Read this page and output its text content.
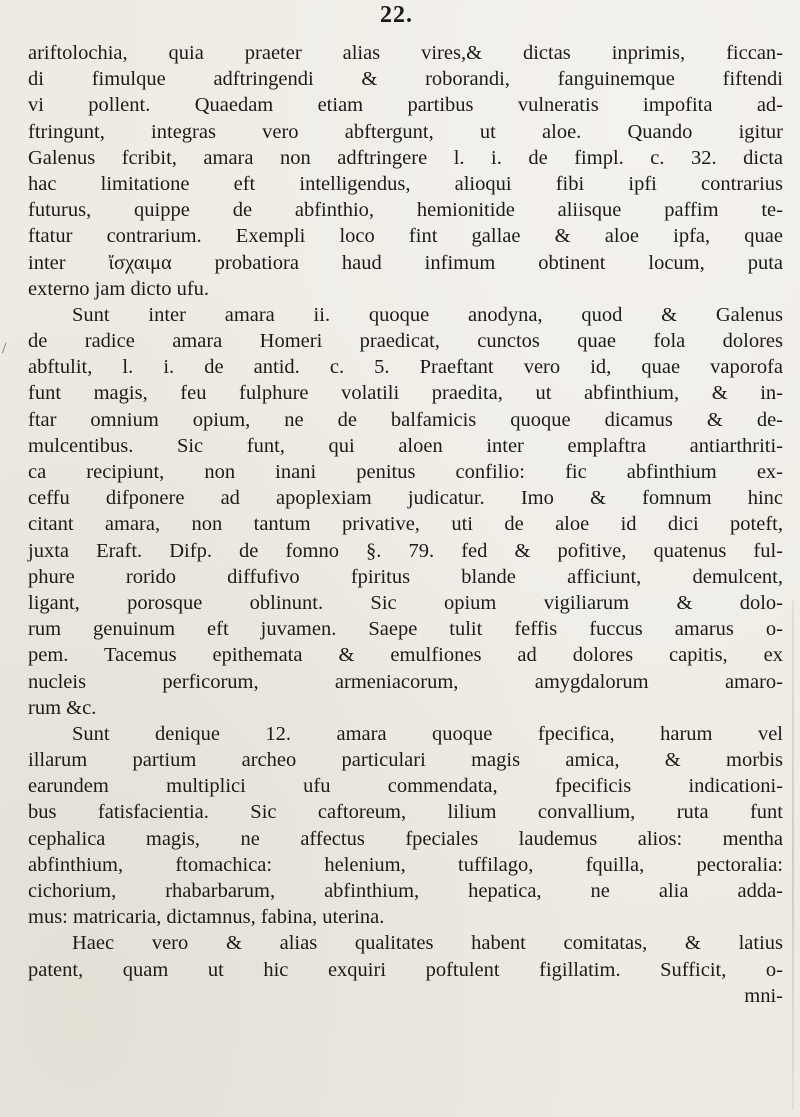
22.
/
ariftolochia, quia praeter alias vires,& dictas inprimis, ficcan-
di fimulque adftringendi & roborandi, fanguinemque fiftendi
vi pollent. Quaedam etiam partibus vulneratis impofita ad-
ftringunt, integras vero abftergunt, ut aloe. Quando igitur
Galenus fcribit, amara non adftringere l. i. de fimpl. c. 32. dicta
hac limitatione eft intelligendus, alioqui fibi ipfi contrarius
futurus, quippe de abfinthio, hemionitide aliisque paffim te-
ftatur contrarium. Exempli loco fint gallae & aloe ipfa, quae
inter ἴσχαιμα probatiora haud infimum obtinent locum, puta
externo jam dicto ufu.
Sunt inter amara ii. quoque anodyna, quod & Galenus
de radice amara Homeri praedicat, cunctos quae fola dolores
abftulit, l. i. de antid. c. 5. Praeftant vero id, quae vaporofa
funt magis, feu fulphure volatili praedita, ut abfinthium, & in-
ftar omnium opium, ne de balfamicis quoque dicamus & de-
mulcentibus. Sic funt, qui aloen inter emplaftra antiarthriti-
ca recipiunt, non inani penitus confilio: fic abfinthium ex-
ceffu difponere ad apoplexiam judicatur. Imo & fomnum hinc
citant amara, non tantum privative, uti de aloe id dici poteft,
juxta Eraft. Difp. de fomno §. 79. fed & pofitive, quatenus ful-
phure rorido diffufivo fpiritus blande afficiunt, demulcent,
ligant, porosque oblinunt. Sic opium vigiliarum & dolo-
rum genuinum eft juvamen. Saepe tulit feffis fuccus amarus o-
pem. Tacemus epithemata & emulfiones ad dolores capitis, ex
nucleis perficorum, armeniacorum, amygdalorum amaro-
rum &c.
Sunt denique 12. amara quoque fpecifica, harum vel
illarum partium archeo particulari magis amica, & morbis
earundem multiplici ufu commendata, fpecificis indicationi-
bus fatisfacientia. Sic caftoreum, lilium convallium, ruta funt
cephalica magis, ne affectus fpeciales laudemus alios: mentha
abfinthium, ftomachica: helenium, tuffilago, fquilla, pectoralia:
cichorium, rhabarbarum, abfinthium, hepatica, ne alia adda-
mus: matricaria, dictamnus, fabina, uterina.
Haec vero & alias qualitates habent comitatas, & latius
patent, quam ut hic exquiri poftulent figillatim. Sufficit, o-
mni-
